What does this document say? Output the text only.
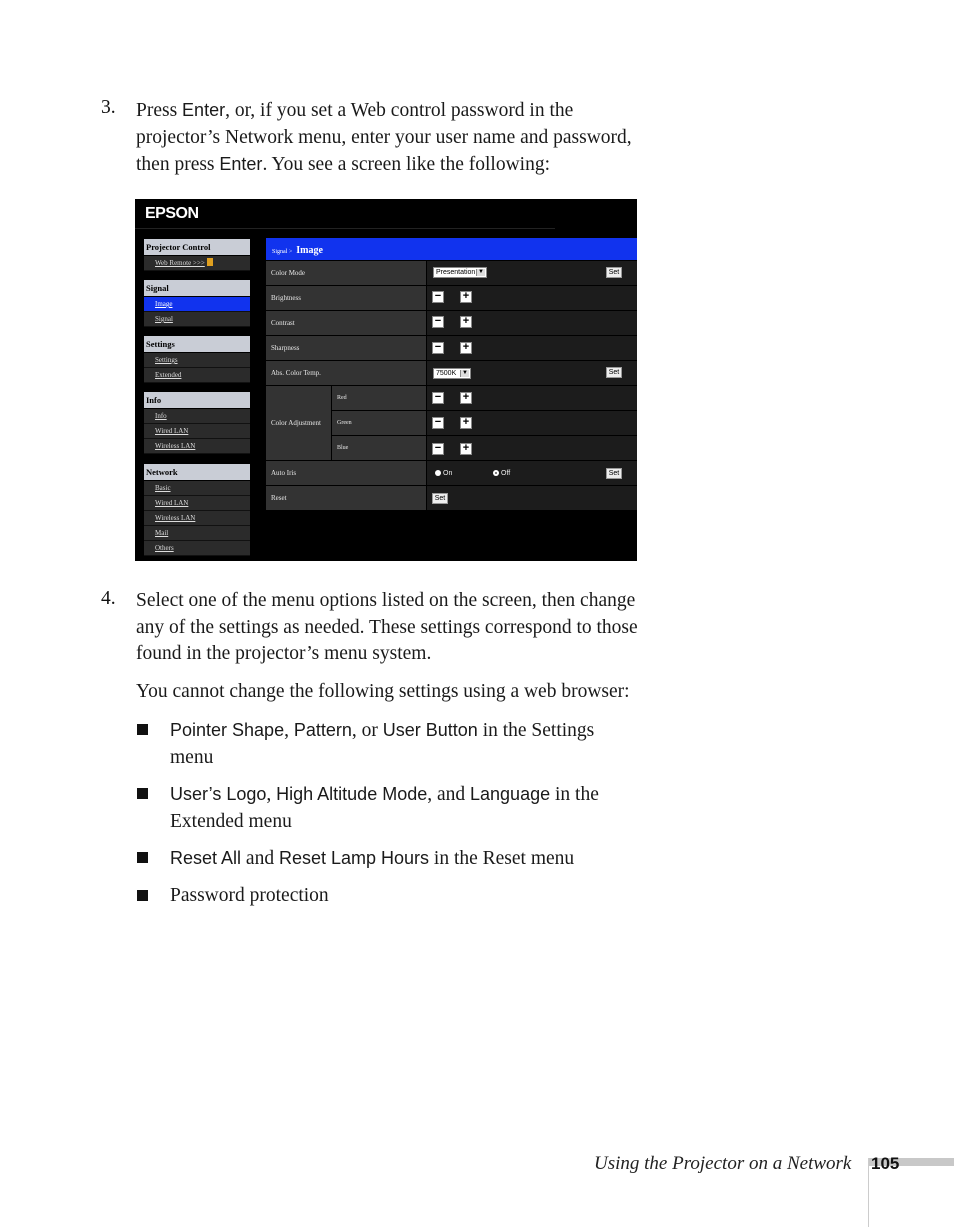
3. Press Enter, or, if you set a Web control password in the
projector’s Network menu, enter your user name and password,
then press Enter. You see a screen like the following:
EPSON
Projector Control
Web Remote >>>
Signal
Image
Signal
Settings
Settings
Extended
Info
Info
Wired LAN
Wireless LAN
Network
Basic
Wired LAN
Wireless LAN
Mail
Others
Signal > Image
Color Mode	Presentation ▼	Set
Brightness	− +
Contrast	− +
Sharpness	− +
Abs. Color Temp.	7500K ▼	Set
Color Adjustment
Red	− +
Green	− +
Blue	− +
Auto Iris	On	Off	Set
Reset	Set
4. Select one of the menu options listed on the screen, then change
any of the settings as needed. These settings correspond to those
found in the projector’s menu system.
You cannot change the following settings using a web browser:
Pointer Shape, Pattern, or User Button in the Settings
menu
User’s Logo, High Altitude Mode, and Language in the
Extended menu
Reset All and Reset Lamp Hours in the Reset menu
Password protection
Using the Projector on a Network 105
